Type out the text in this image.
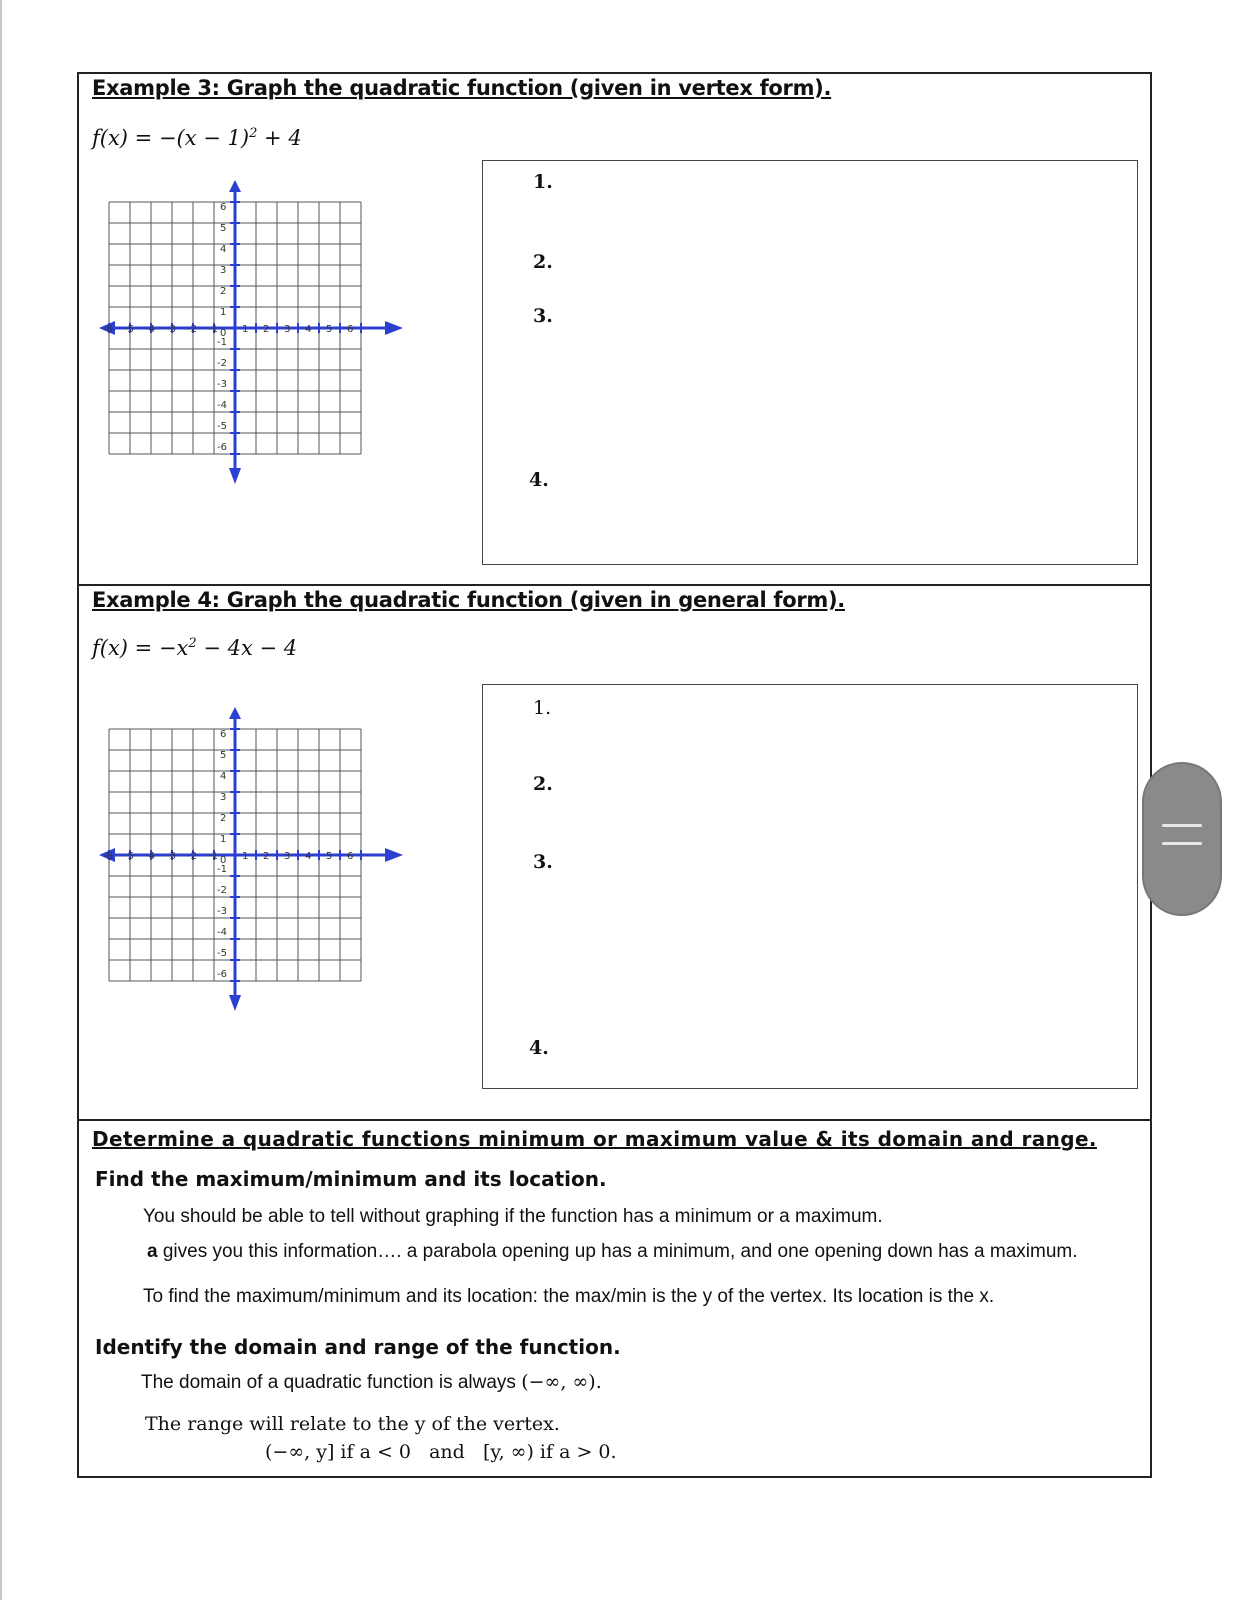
Example 3: Graph the quadratic function (given in vertex form).
$f(x) = -(x - 1)^2 + 4$
6
5
4
3
2
1
0
-1
-2
-3
-4
-5
-6
-6 -5 -4 -3 -2 -1 1 2 3 4 5 6
1.
2.
3.
4.
Example 4: Graph the quadratic function (given in general form).
$f(x) = -x^2 - 4x - 4$
6
5
4
3
2
1
0
-1
-2
-3
-4
-5
-6
-6 -5 -4 -3 -2 -1 1 2 3 4 5 6
1.
2.
3.
4.
Determine a quadratic functions minimum or maximum value & its domain and range.
Find the maximum/minimum and its location.
You should be able to tell without graphing if the function has a minimum or a maximum.
a gives you this information…. a parabola opening up has a minimum, and one opening down has a maximum.
To find the maximum/minimum and its location: the max/min is the y of the vertex. Its location is the x.
Identify the domain and range of the function.
The domain of a quadratic function is always (−∞, ∞).
The range will relate to the y of the vertex.
(−∞, y] if a < 0   and   [y, ∞) if a > 0.
